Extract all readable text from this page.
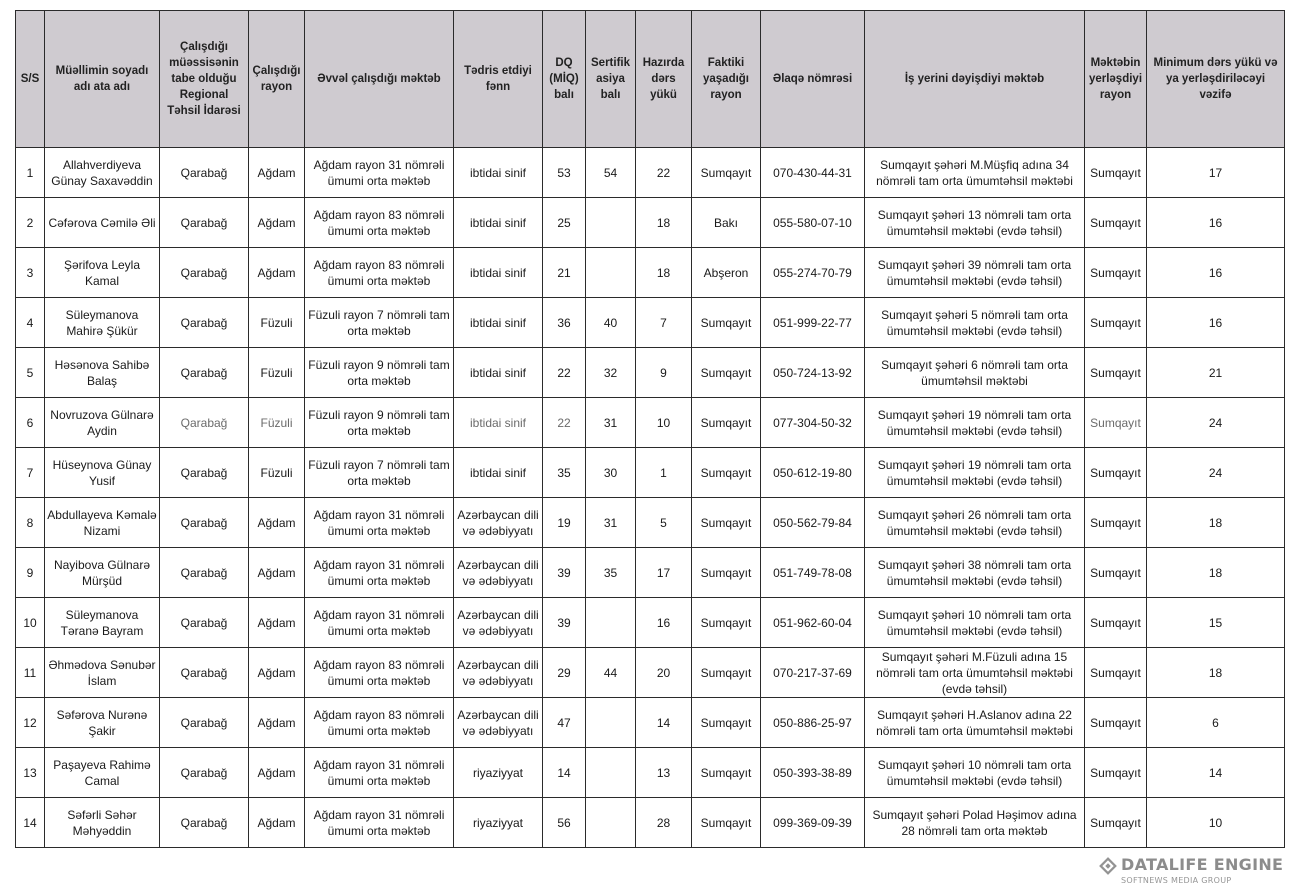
S/S	Müəllimin soyadı adı ata adı	Çalışdığı müəssisənin tabe olduğu Regional Təhsil İdarəsi	Çalışdığı rayon	Əvvəl çalışdığı məktəb	Tədris etdiyi fənn	DQ (MİQ) balı	Sertifik asiya balı	Hazırda dərs yükü	Faktiki yaşadığı rayon	Əlaqə nömrəsi	İş yerini dəyişdiyi məktəb	Məktəbin yerləşdiyi rayon	Minimum dərs yükü və ya yerləşdiriləcəyi vəzifə
1	Allahverdiyeva Günay Saxavəddin	Qarabağ	Ağdam	Ağdam rayon 31 nömrəli ümumi orta məktəb	ibtidai sinif	53	54	22	Sumqayıt	070-430-44-31	Sumqayıt şəhəri M.Müşfiq adına 34 nömrəli tam orta ümumtəhsil məktəbi	Sumqayıt	17
2	Cəfərova Cəmilə Əli	Qarabağ	Ağdam	Ağdam rayon 83 nömrəli ümumi orta məktəb	ibtidai sinif	25		18	Bakı	055-580-07-10	Sumqayıt şəhəri 13 nömrəli tam orta ümumtəhsil məktəbi (evdə təhsil)	Sumqayıt	16
3	Şərifova Leyla Kamal	Qarabağ	Ağdam	Ağdam rayon 83 nömrəli ümumi orta məktəb	ibtidai sinif	21		18	Abşeron	055-274-70-79	Sumqayıt şəhəri 39 nömrəli tam orta ümumtəhsil məktəbi (evdə təhsil)	Sumqayıt	16
4	Süleymanova Mahirə Şükür	Qarabağ	Füzuli	Füzuli rayon 7 nömrəli tam orta məktəb	ibtidai sinif	36	40	7	Sumqayıt	051-999-22-77	Sumqayıt şəhəri 5 nömrəli tam orta ümumtəhsil məktəbi (evdə təhsil)	Sumqayıt	16
5	Həsənova Sahibə Balaş	Qarabağ	Füzuli	Füzuli rayon 9 nömrəli tam orta məktəb	ibtidai sinif	22	32	9	Sumqayıt	050-724-13-92	Sumqayıt şəhəri 6 nömrəli tam orta ümumtəhsil məktəbi	Sumqayıt	21
6	Novruzova Gülnarə Aydin	Qarabağ	Füzuli	Füzuli rayon 9 nömrəli tam orta məktəb	ibtidai sinif	22	31	10	Sumqayıt	077-304-50-32	Sumqayıt şəhəri 19 nömrəli tam orta ümumtəhsil məktəbi (evdə təhsil)	Sumqayıt	24
7	Hüseynova Günay Yusif	Qarabağ	Füzuli	Füzuli rayon 7 nömrəli tam orta məktəb	ibtidai sinif	35	30	1	Sumqayıt	050-612-19-80	Sumqayıt şəhəri 19 nömrəli tam orta ümumtəhsil məktəbi (evdə təhsil)	Sumqayıt	24
8	Abdullayeva Kəmalə Nizami	Qarabağ	Ağdam	Ağdam rayon 31 nömrəli ümumi orta məktəb	Azərbaycan dili və ədəbiyyatı	19	31	5	Sumqayıt	050-562-79-84	Sumqayıt şəhəri 26 nömrəli tam orta ümumtəhsil məktəbi (evdə təhsil)	Sumqayıt	18
9	Nayibova Gülnarə Mürşüd	Qarabağ	Ağdam	Ağdam rayon 31 nömrəli ümumi orta məktəb	Azərbaycan dili və ədəbiyyatı	39	35	17	Sumqayıt	051-749-78-08	Sumqayıt şəhəri 38 nömrəli tam orta ümumtəhsil məktəbi (evdə təhsil)	Sumqayıt	18
10	Süleymanova Təranə Bayram	Qarabağ	Ağdam	Ağdam rayon 31 nömrəli ümumi orta məktəb	Azərbaycan dili və ədəbiyyatı	39		16	Sumqayıt	051-962-60-04	Sumqayıt şəhəri 10 nömrəli tam orta ümumtəhsil məktəbi (evdə təhsil)	Sumqayıt	15
11	Əhmədova Sənubər İslam	Qarabağ	Ağdam	Ağdam rayon 83 nömrəli ümumi orta məktəb	Azərbaycan dili və ədəbiyyatı	29	44	20	Sumqayıt	070-217-37-69	Sumqayıt şəhəri M.Füzuli adına 15 nömrəli tam orta ümumtəhsil məktəbi (evdə təhsil)	Sumqayıt	18
12	Səfərova Nurənə Şakir	Qarabağ	Ağdam	Ağdam rayon 83 nömrəli ümumi orta məktəb	Azərbaycan dili və ədəbiyyatı	47		14	Sumqayıt	050-886-25-97	Sumqayıt şəhəri H.Aslanov adına 22 nömrəli tam orta ümumtəhsil məktəbi	Sumqayıt	6
13	Paşayeva Rahimə Camal	Qarabağ	Ağdam	Ağdam rayon 31 nömrəli ümumi orta məktəb	riyaziyyat	14		13	Sumqayıt	050-393-38-89	Sumqayıt şəhəri 10 nömrəli tam orta ümumtəhsil məktəbi (evdə təhsil)	Sumqayıt	14
14	Səfərli Səhər Məhyəddin	Qarabağ	Ağdam	Ağdam rayon 31 nömrəli ümumi orta məktəb	riyaziyyat	56		28	Sumqayıt	099-369-09-39	Sumqayıt şəhəri Polad Həşimov adına 28 nömrəli tam orta məktəb	Sumqayıt	10
DATALIFE ENGINE
SOFTNEWS MEDIA GROUP
